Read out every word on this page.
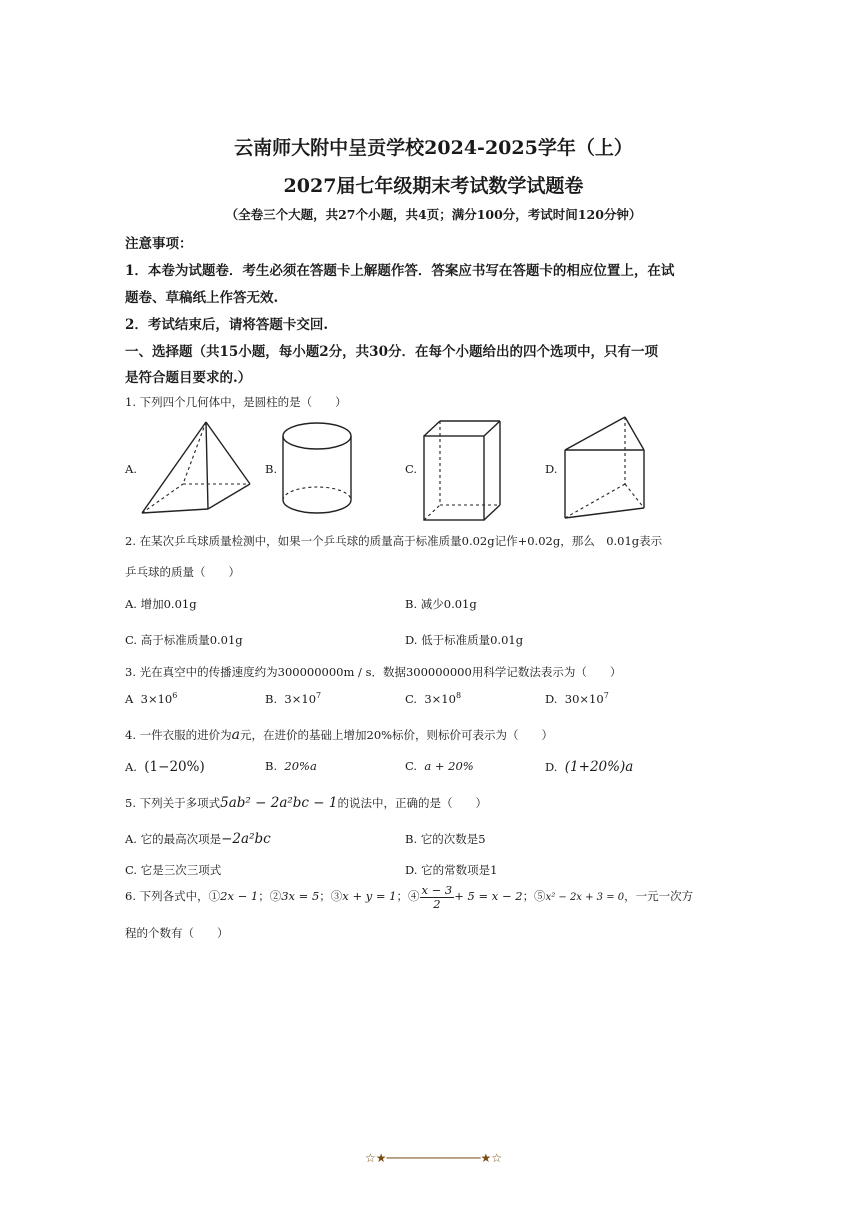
云南师大附中呈贡学校2024-2025学年（上）
2027届七年级期末考试数学试题卷
（全卷三个大题，共27个小题，共4页；满分100分，考试时间120分钟）
注意事项：
1．本卷为试题卷．考生必须在答题卡上解题作答．答案应书写在答题卡的相应位置上，在试
题卷、草稿纸上作答无效.
2．考试结束后，请将答题卡交回.
一、选择题（共15小题，每小题2分，共30分．在每个小题给出的四个选项中，只有一项
是符合题目要求的.）
1. 下列四个几何体中，是圆柱的是（　　）
A.	B.	C.	D.
2. 在某次乒乓球质量检测中，如果一个乒乓球的质量高于标准质量0.02g记作+0.02g，那么　0.01g表示
乒乓球的质量（　　）
A. 增加0.01g	B. 减少0.01g
C. 高于标准质量0.01g	D. 低于标准质量0.01g
3. 光在真空中的传播速度约为300000000m / s．数据300000000用科学记数法表示为（　　）
A $3\times 10^6$	B. $3\times 10^7$	C. $3\times 10^8$	D. $30\times 10^7$
4. 一件衣服的进价为a元，在进价的基础上增加20%标价，则标价可表示为（　　）
A. (1−20%)	B. 20%a	C. a + 20%	D. (1+20%)a
5. 下列关于多项式5ab² − 2a²bc − 1的说法中，正确的是（　　）
A. 它的最高次项是−2a²bc	B. 它的次数是5
C. 它是三次三项式	D. 它的常数项是1
6. 下列各式中，①2x − 1；②3x = 5；③x + y = 1；④ $\frac{x - 3}{2} + 5 = x - 2$；⑤x² − 2x + 3 = 0，一元一次方
程的个数有（　　）
☆★─────────────★☆
